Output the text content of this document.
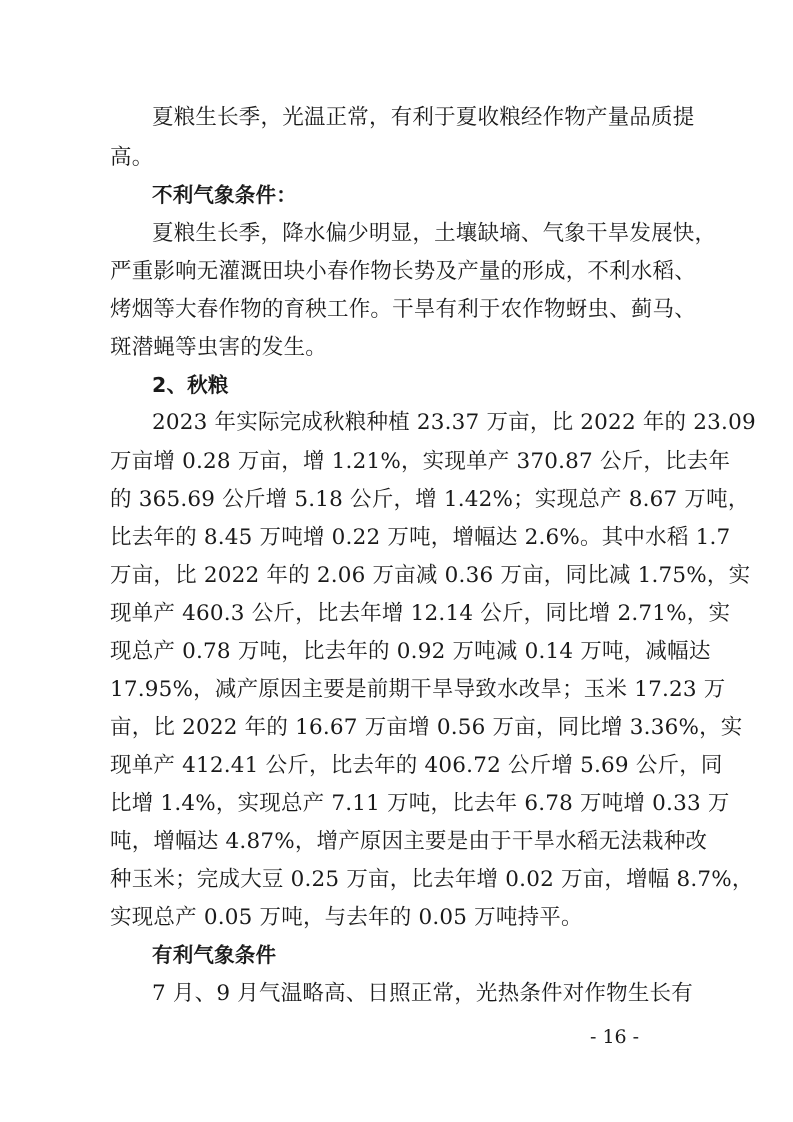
夏粮生长季，光温正常，有利于夏收粮经作物产量品质提
高。
不利气象条件：
夏粮生长季，降水偏少明显，土壤缺墒、气象干旱发展快，
严重影响无灌溉田块小春作物长势及产量的形成，不利水稻、
烤烟等大春作物的育秧工作。干旱有利于农作物蚜虫、蓟马、
斑潜蝇等虫害的发生。
2、秋粮
2023 年实际完成秋粮种植 23.37 万亩，比 2022 年的 23.09
万亩增 0.28 万亩，增 1.21%，实现单产 370.87 公斤，比去年
的 365.69 公斤增 5.18 公斤，增 1.42%；实现总产 8.67 万吨，
比去年的 8.45 万吨增 0.22 万吨，增幅达 2.6%。其中水稻 1.7
万亩，比 2022 年的 2.06 万亩减 0.36 万亩，同比减 1.75%，实
现单产 460.3 公斤，比去年增 12.14 公斤，同比增 2.71%，实
现总产 0.78 万吨，比去年的 0.92 万吨减 0.14 万吨，减幅达
17.95%，减产原因主要是前期干旱导致水改旱；玉米 17.23 万
亩，比 2022 年的 16.67 万亩增 0.56 万亩，同比增 3.36%，实
现单产 412.41 公斤，比去年的 406.72 公斤增 5.69 公斤，同
比增 1.4%，实现总产 7.11 万吨，比去年 6.78 万吨增 0.33 万
吨，增幅达 4.87%，增产原因主要是由于干旱水稻无法栽种改
种玉米；完成大豆 0.25 万亩，比去年增 0.02 万亩，增幅 8.7%，
实现总产 0.05 万吨，与去年的 0.05 万吨持平。
有利气象条件
7 月、9 月气温略高、日照正常，光热条件对作物生长有
- 16 -
